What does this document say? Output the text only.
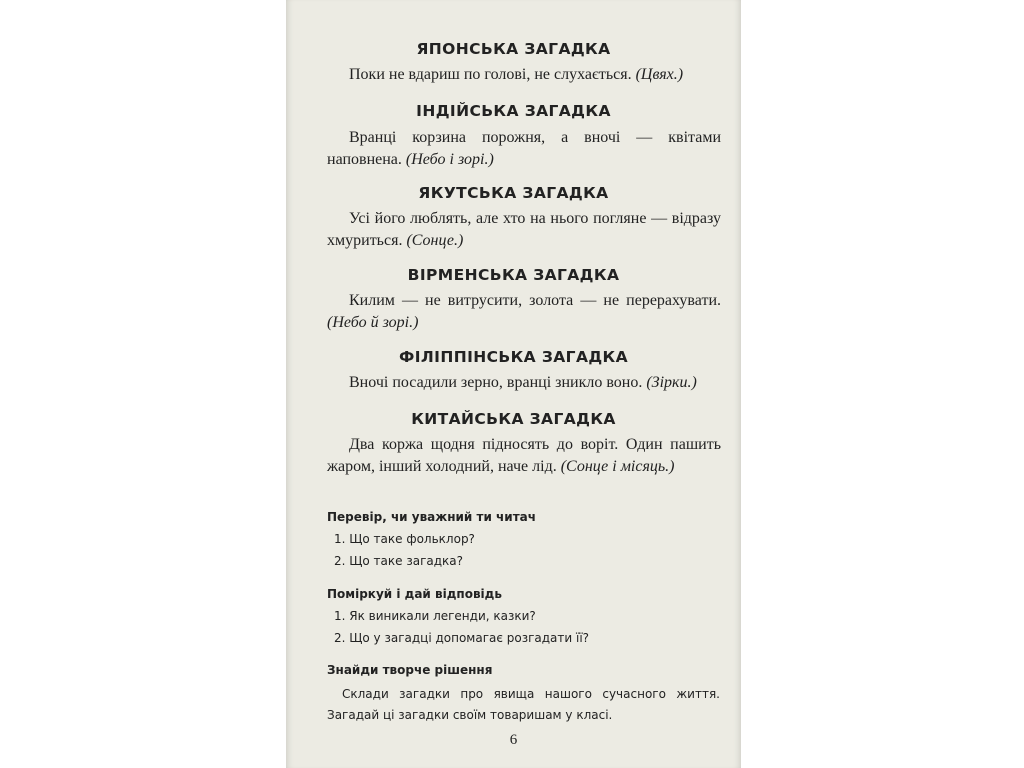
ЯПОНСЬКА ЗАГАДКА
Поки не вдариш по голові, не слухається. (Цвях.)
ІНДІЙСЬКА ЗАГАДКА
Вранці корзина порожня, а вночі — квітами наповнена. (Небо і зорі.)
ЯКУТСЬКА ЗАГАДКА
Усі його люблять, але хто на нього погляне — відразу хмуриться. (Сонце.)
ВІРМЕНСЬКА ЗАГАДКА
Килим — не витрусити, золота — не перерахувати. (Небо й зорі.)
ФІЛІППІНСЬКА ЗАГАДКА
Вночі посадили зерно, вранці зникло воно. (Зірки.)
КИТАЙСЬКА ЗАГАДКА
Два коржа щодня підносять до воріт. Один пашить жаром, інший холодний, наче лід. (Сонце і місяць.)
Перевір, чи уважний ти читач
1. Що таке фольклор?
2. Що таке загадка?
Поміркуй і дай відповідь
1. Як виникали легенди, казки?
2. Що у загадці допомагає розгадати її?
Знайди творче рішення
Склади загадки про явища нашого сучасного життя. Загадай ці загадки своїм товаришам у класі.
6
